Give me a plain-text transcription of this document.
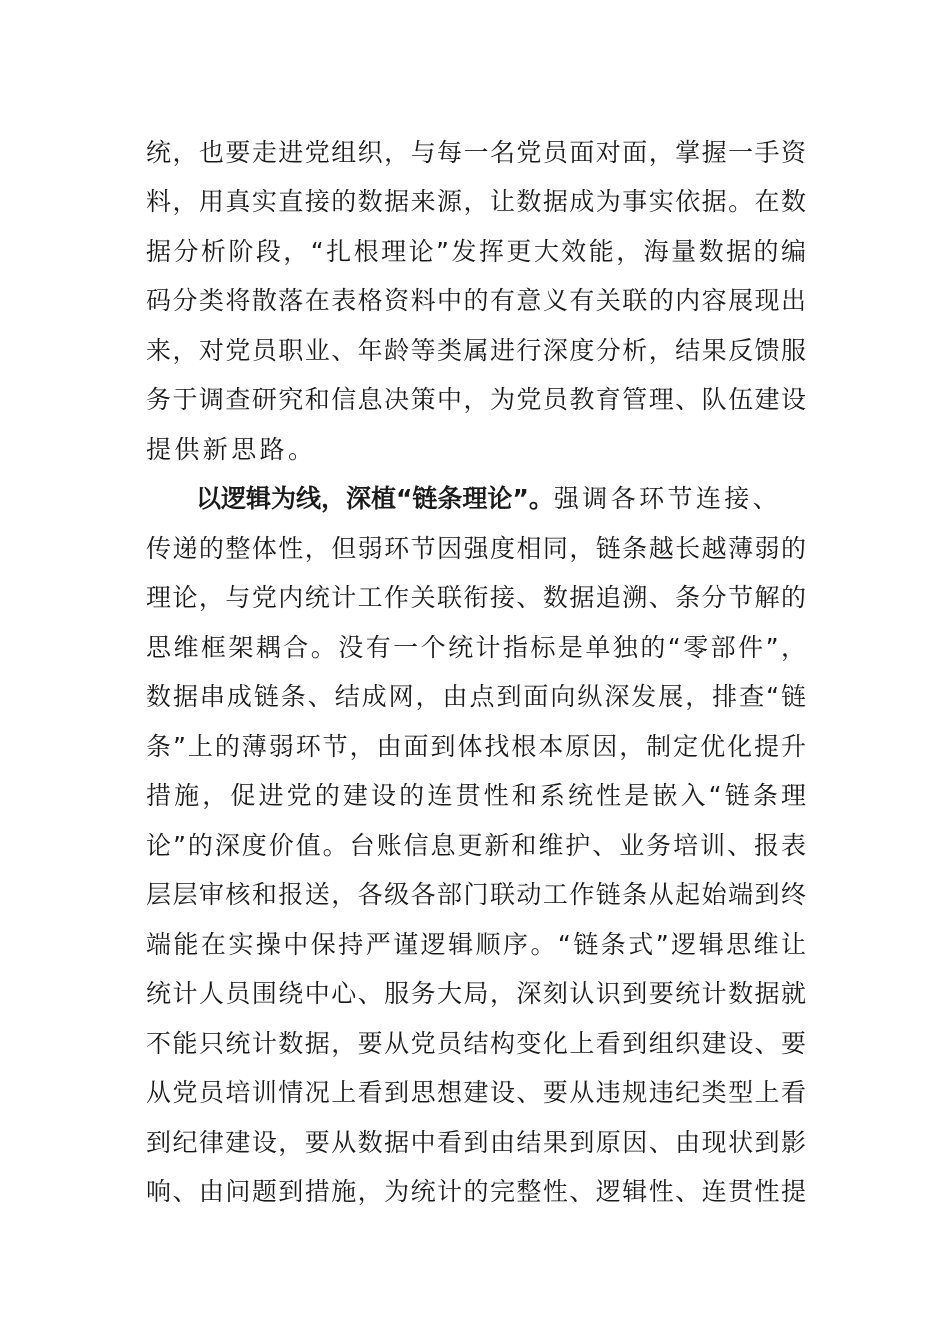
统，也要走进党组织，与每一名党员面对面，掌握一手资
料，用真实直接的数据来源，让数据成为事实依据。在数
据分析阶段，“扎根理论”发挥更大效能，海量数据的编
码分类将散落在表格资料中的有意义有关联的内容展现出
来，对党员职业、年龄等类属进行深度分析，结果反馈服
务于调查研究和信息决策中，为党员教育管理、队伍建设
提供新思路。
以逻辑为线，深植“链条理论”。强调各环节连接、
传递的整体性，但弱环节因强度相同，链条越长越薄弱的
理论，与党内统计工作关联衔接、数据追溯、条分节解的
思维框架耦合。没有一个统计指标是单独的“零部件”，
数据串成链条、结成网，由点到面向纵深发展，排查“链
条”上的薄弱环节，由面到体找根本原因，制定优化提升
措施，促进党的建设的连贯性和系统性是嵌入“链条理
论”的深度价值。台账信息更新和维护、业务培训、报表
层层审核和报送，各级各部门联动工作链条从起始端到终
端能在实操中保持严谨逻辑顺序。“链条式”逻辑思维让
统计人员围绕中心、服务大局，深刻认识到要统计数据就
不能只统计数据，要从党员结构变化上看到组织建设、要
从党员培训情况上看到思想建设、要从违规违纪类型上看
到纪律建设，要从数据中看到由结果到原因、由现状到影
响、由问题到措施，为统计的完整性、逻辑性、连贯性提
